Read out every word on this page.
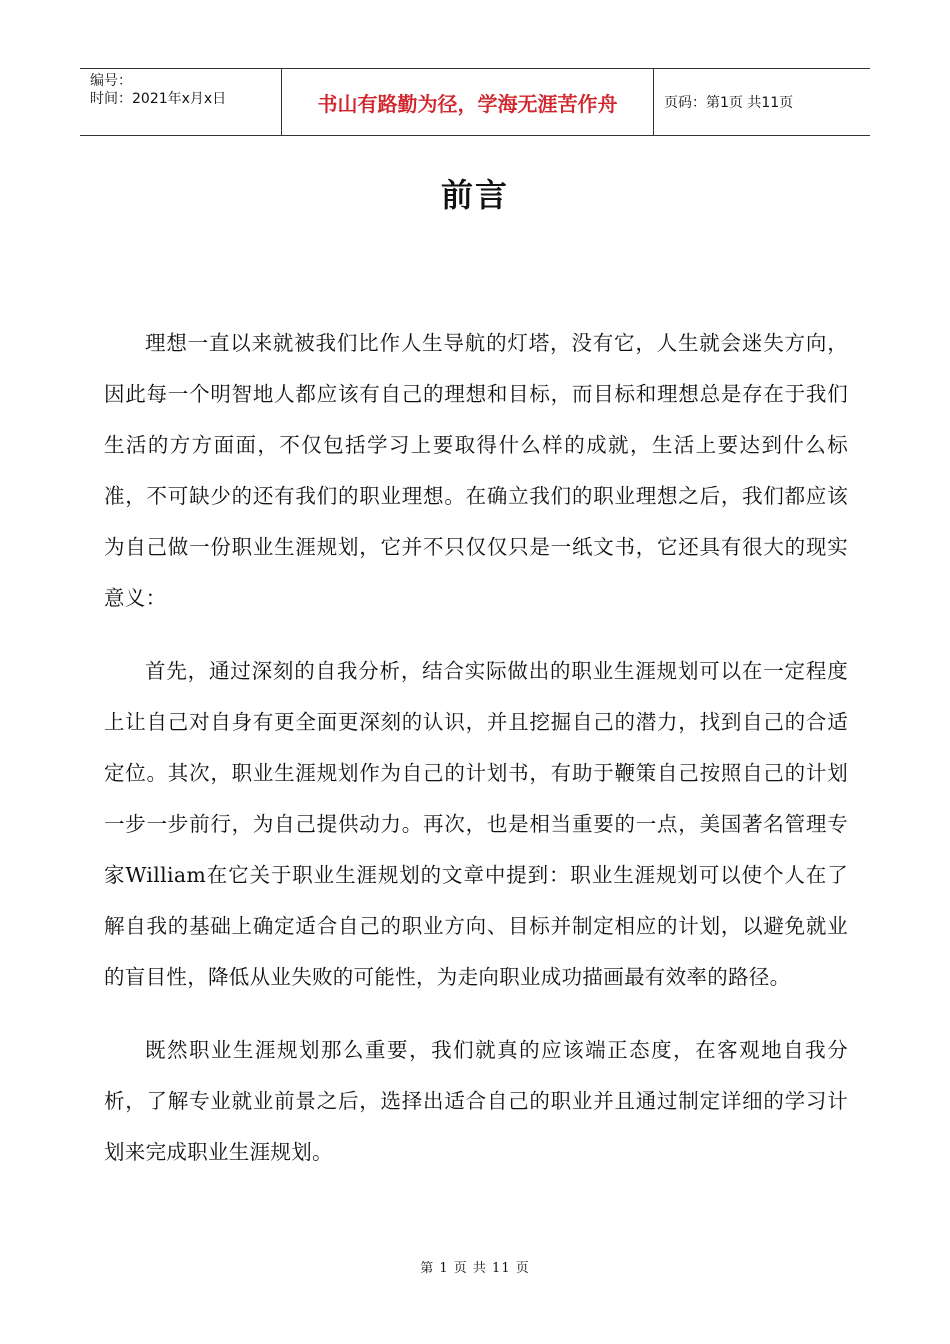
编号：
时间：2021年x月x日	书山有路勤为径，学海无涯苦作舟	页码：第1页 共11页
前言

理想一直以来就被我们比作人生导航的灯塔，没有它，人生就会迷失方向，因此每一个明智地人都应该有自己的理想和目标，而目标和理想总是存在于我们生活的方方面面，不仅包括学习上要取得什么样的成就，生活上要达到什么标准，不可缺少的还有我们的职业理想。在确立我们的职业理想之后，我们都应该为自己做一份职业生涯规划，它并不只仅仅只是一纸文书，它还具有很大的现实意义：

首先，通过深刻的自我分析，结合实际做出的职业生涯规划可以在一定程度上让自己对自身有更全面更深刻的认识，并且挖掘自己的潜力，找到自己的合适定位。其次，职业生涯规划作为自己的计划书，有助于鞭策自己按照自己的计划一步一步前行，为自己提供动力。再次，也是相当重要的一点，美国著名管理专家William在它关于职业生涯规划的文章中提到：职业生涯规划可以使个人在了解自我的基础上确定适合自己的职业方向、目标并制定相应的计划，以避免就业的盲目性，降低从业失败的可能性，为走向职业成功描画最有效率的路径。

既然职业生涯规划那么重要，我们就真的应该端正态度，在客观地自我分析，了解专业就业前景之后，选择出适合自己的职业并且通过制定详细的学习计划来完成职业生涯规划。

第 1 页 共 11 页
